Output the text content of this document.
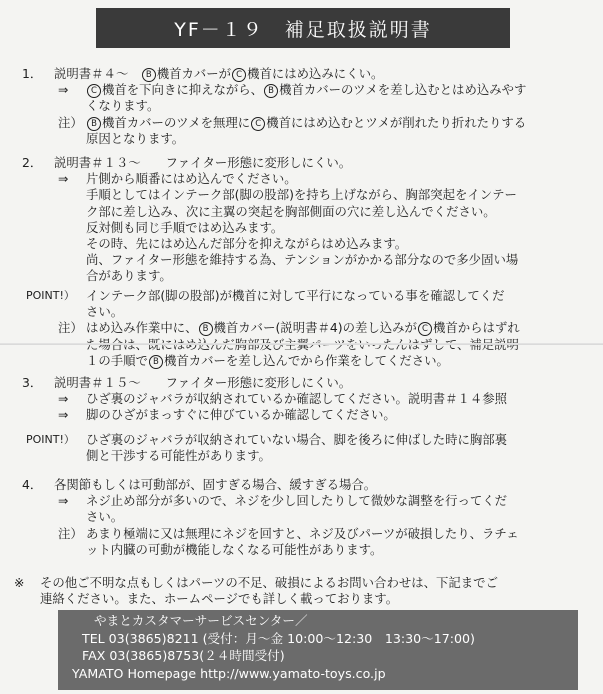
YF－１９　補足取扱説明書
1． 説明書＃４～　B 機首カバーが C 機首にはめ込みにくい。
⇒	C 機首を下向きに抑えながら、 B 機首カバーのツメを差し込むとはめ込みやす
くなります。
注） B 機首カバーのツメを無理に C 機首にはめ込むとツメが削れたり折れたりする
原因となります。
2． 説明書＃１３～　　ファイター形態に変形しにくい。
⇒ 片側から順番にはめ込んでください。
手順としてはインテーク部(脚の股部)を持ち上げながら、胸部突起をインテー
ク部に差し込み、次に主翼の突起を胸部側面の穴に差し込んでください。
反対側も同じ手順ではめ込みます。
その時、先にはめ込んだ部分を抑えながらはめ込みます。
尚、ファイター形態を維持する為、テンションがかかる部分なので多少固い場
合があります。
POINT!） インテーク部(脚の股部)が機首に対して平行になっている事を確認してくだ
さい。
注） はめ込み作業中に、 B 機首カバー(説明書＃4)の差し込みが C 機首からはずれ
１の手順で B 機首カバーを差し込んでから作業をしてください。
3． 説明書＃１５～　　ファイター形態に変形しにくい。
⇒ ひざ裏のジャバラが収納されているか確認してください。説明書＃１４参照
⇒ 脚のひざがまっすぐに伸びているか確認してください。
POINT!） ひざ裏のジャバラが収納されていない場合、脚を後ろに伸ばした時に胸部裏
側と干渉する可能性があります。
4． 各関節もしくは可動部が、固すぎる場合、緩すぎる場合。
⇒ ネジ止め部分が多いので、ネジを少し回したりして微妙な調整を行ってくだ
さい。
注） あまり極端に又は無理にネジを回すと、ネジ及びパーツが破損したり、ラチェ
ット内臓の可動が機能しなくなる可能性があります。
※ その他ご不明な点もしくはパーツの不足、破損によるお問い合わせは、下記までご
連絡ください。また、ホームページでも詳しく載っております。
やまとカスタマーサービスセンター／
TEL 03(3865)8211 (受付：月～金 10:00～12:30　13:30～17:00)
FAX 03(3865)8753(２４時間受付)
YAMATO Homepage http://www.yamato-toys.co.jp
